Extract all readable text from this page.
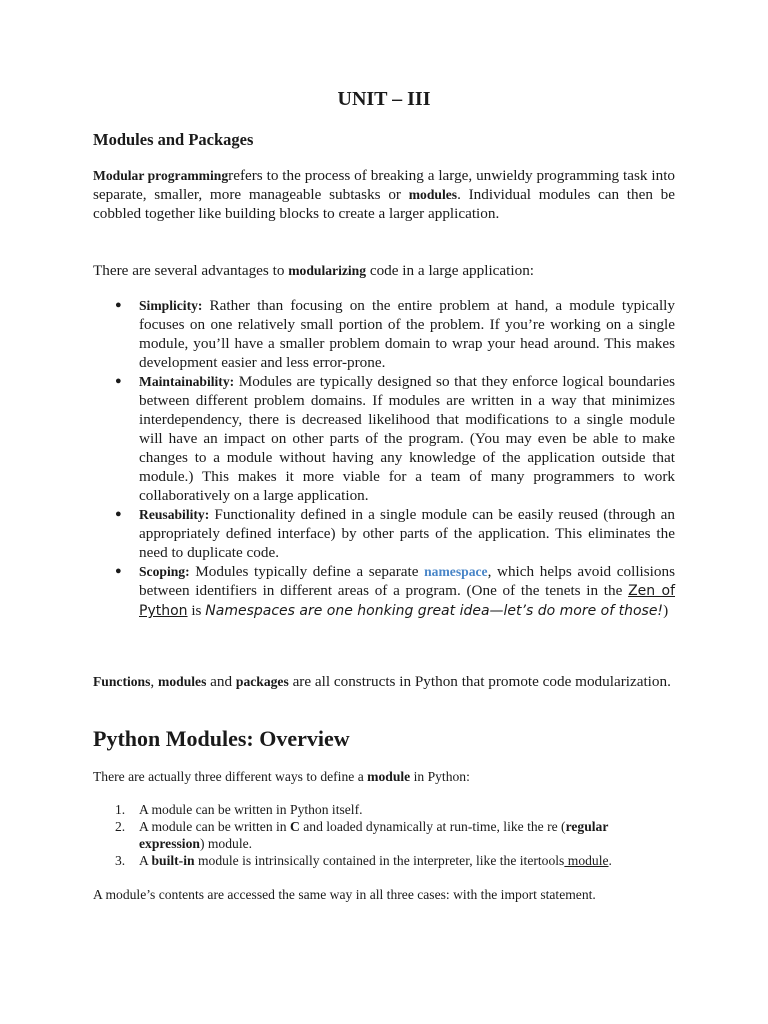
UNIT – III
Modules and Packages

Modular programmingrefers to the process of breaking a large, unwieldy programming task into separate, smaller, more manageable subtasks or modules. Individual modules can then be cobbled together like building blocks to create a larger application.

There are several advantages to modularizing code in a large application:

● Simplicity: Rather than focusing on the entire problem at hand, a module typically focuses on one relatively small portion of the problem. If you’re working on a single module, you’ll have a smaller problem domain to wrap your head around. This makes development easier and less error-prone.
● Maintainability: Modules are typically designed so that they enforce logical boundaries between different problem domains. If modules are written in a way that minimizes interdependency, there is decreased likelihood that modifications to a single module will have an impact on other parts of the program. (You may even be able to make changes to a module without having any knowledge of the application outside that module.) This makes it more viable for a team of many programmers to work collaboratively on a large application.
● Reusability: Functionality defined in a single module can be easily reused (through an appropriately defined interface) by other parts of the application. This eliminates the need to duplicate code.
● Scoping: Modules typically define a separate namespace, which helps avoid collisions between identifiers in different areas of a program. (One of the tenets in the Zen of Python is Namespaces are one honking great idea—let’s do more of those!)

Functions, modules and packages are all constructs in Python that promote code modularization.

Python Modules: Overview

There are actually three different ways to define a module in Python:

1. A module can be written in Python itself.
2. A module can be written in C and loaded dynamically at run-time, like the re (regular expression) module.
3. A built-in module is intrinsically contained in the interpreter, like the itertools module.

A module’s contents are accessed the same way in all three cases: with the import statement.
